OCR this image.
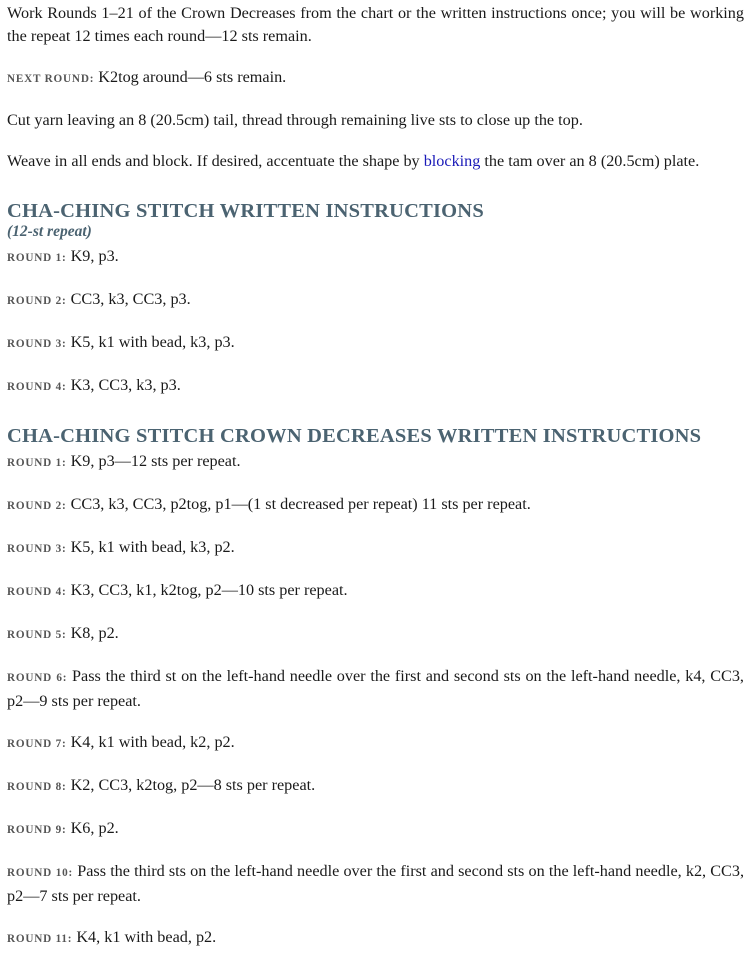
Work Rounds 1–21 of the Crown Decreases from the chart or the written instructions once; you will be working the repeat 12 times each round—12 sts remain.

NEXT ROUND: K2tog around—6 sts remain.

Cut yarn leaving an 8 (20.5cm) tail, thread through remaining live sts to close up the top.

Weave in all ends and block. If desired, accentuate the shape by blocking the tam over an 8 (20.5cm) plate.

CHA-CHING STITCH WRITTEN INSTRUCTIONS
(12-st repeat)

ROUND 1: K9, p3.

ROUND 2: CC3, k3, CC3, p3.

ROUND 3: K5, k1 with bead, k3, p3.

ROUND 4: K3, CC3, k3, p3.

CHA-CHING STITCH CROWN DECREASES WRITTEN INSTRUCTIONS

ROUND 1: K9, p3—12 sts per repeat.

ROUND 2: CC3, k3, CC3, p2tog, p1—(1 st decreased per repeat) 11 sts per repeat.

ROUND 3: K5, k1 with bead, k3, p2.

ROUND 4: K3, CC3, k1, k2tog, p2—10 sts per repeat.

ROUND 5: K8, p2.

ROUND 6: Pass the third st on the left-hand needle over the first and second sts on the left-hand needle, k4, CC3, p2—9 sts per repeat.

ROUND 7: K4, k1 with bead, k2, p2.

ROUND 8: K2, CC3, k2tog, p2—8 sts per repeat.

ROUND 9: K6, p2.

ROUND 10: Pass the third sts on the left-hand needle over the first and second sts on the left-hand needle, k2, CC3, p2—7 sts per repeat.

ROUND 11: K4, k1 with bead, p2.
